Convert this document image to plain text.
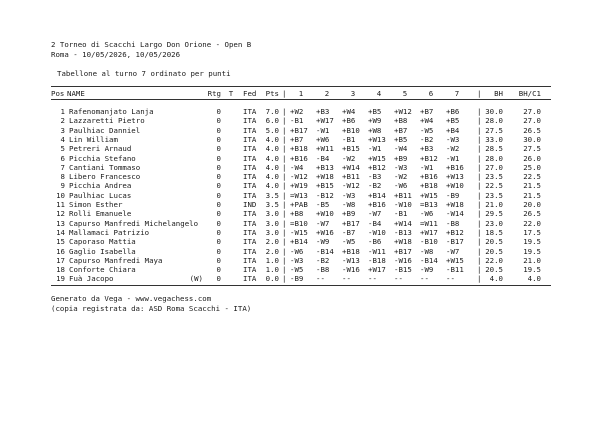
2 Torneo di Scacchi Largo Don Orione - Open B
Roma - 10/05/2026, 10/05/2026
Tabellone al turno 7 ordinato per punti
Pos NAME	Rtg T Fed	Pts |	1	2	3	4	5	6	7	|	BH BH/C1
1 Rafenomanjato Lanja	0	ITA	7.0 | +W2	+B3	+W4	+B5	+W12	+B7	+B6	| 30.0	27.0
2 Lazzaretti Pietro	0	ITA	6.0 | -B1	+W17	+B6	+W9	+B8	+W4	+B5	| 28.0	27.0
3 Paulhiac Danniel	0	ITA	5.0 | +B17	-W1	+B10	+W8	+B7	-W5	+B4	| 27.5	26.5
4 Lin William	0	ITA	4.0 | +B7	+W6	-B1	+W13	+B5	-B2	-W3	| 33.0	30.0
5 Petreri Arnaud	0	ITA	4.0 | +B18	+W11	+B15	-W1	-W4	+B3	-W2	| 28.5	27.5
6 Picchia Stefano	0	ITA	4.0 | +B16	-B4	-W2	+W15	+B9	+B12	-W1	| 28.0	26.0
7 Cantiani Tommaso	0	ITA	4.0 | -W4	+B13	+W14	+B12	-W3	-W1	+B16	| 27.0	25.0
8 Libero Francesco	0	ITA	4.0 | -W12	+W18	+B11	-B3	-W2	+B16	+W13	| 23.5	22.5
9 Picchia Andrea	0	ITA	4.0 | +W19	+B15	-W12	-B2	-W6	+B18	+W10	| 22.5	21.5
10 Paulhiac Lucas	0	ITA	3.5 | =W13	-B12	-W3	+B14	+B11	+W15	-B9	| 23.5	21.5
11 Simon Esther	0	IND	3.5 | +PAB	-B5	-W8	+B16	-W10	=B13	+W18	| 21.0	20.0
12 Rolli Emanuele	0	ITA	3.0 | +B8	+W10	+B9	-W7	-B1	-W6	-W14	| 29.5	26.5
13 Capurso Manfredi Michelangelo	0	ITA	3.0 | =B10	-W7	+B17	-B4	+W14	=W11	-B8	| 23.0	22.0
14 Mallamaci Patrizio	0	ITA	3.0 | -W15	+W16	-B7	-W10	-B13	+W17	+B12	| 18.5	17.5
15 Caporaso Mattia	0	ITA	2.0 | +B14	-W9	-W5	-B6	+W18	-B10	-B17	| 20.5	19.5
16 Gaglio Isabella	0	ITA	2.0 | -W6	-B14	+B18	-W11	+B17	-W8	-W7	| 20.5	19.5
17 Capurso Manfredi Maya	0	ITA	1.0 | -W3	-B2	-W13	-B18	-W16	-B14	+W15	| 22.0	21.0
18 Conforte Chiara	0	ITA	1.0 | -W5	-B8	-W16	+W17	-B15	-W9	-B11	| 20.5	19.5
19 Fuà Jacopo	(W)	0	ITA	0.0 | -B9	--	--	--	--	--	--	|	4.0	4.0
Generato da Vega - www.vegachess.com
(copia registrata da: ASD Roma Scacchi - ITA)
